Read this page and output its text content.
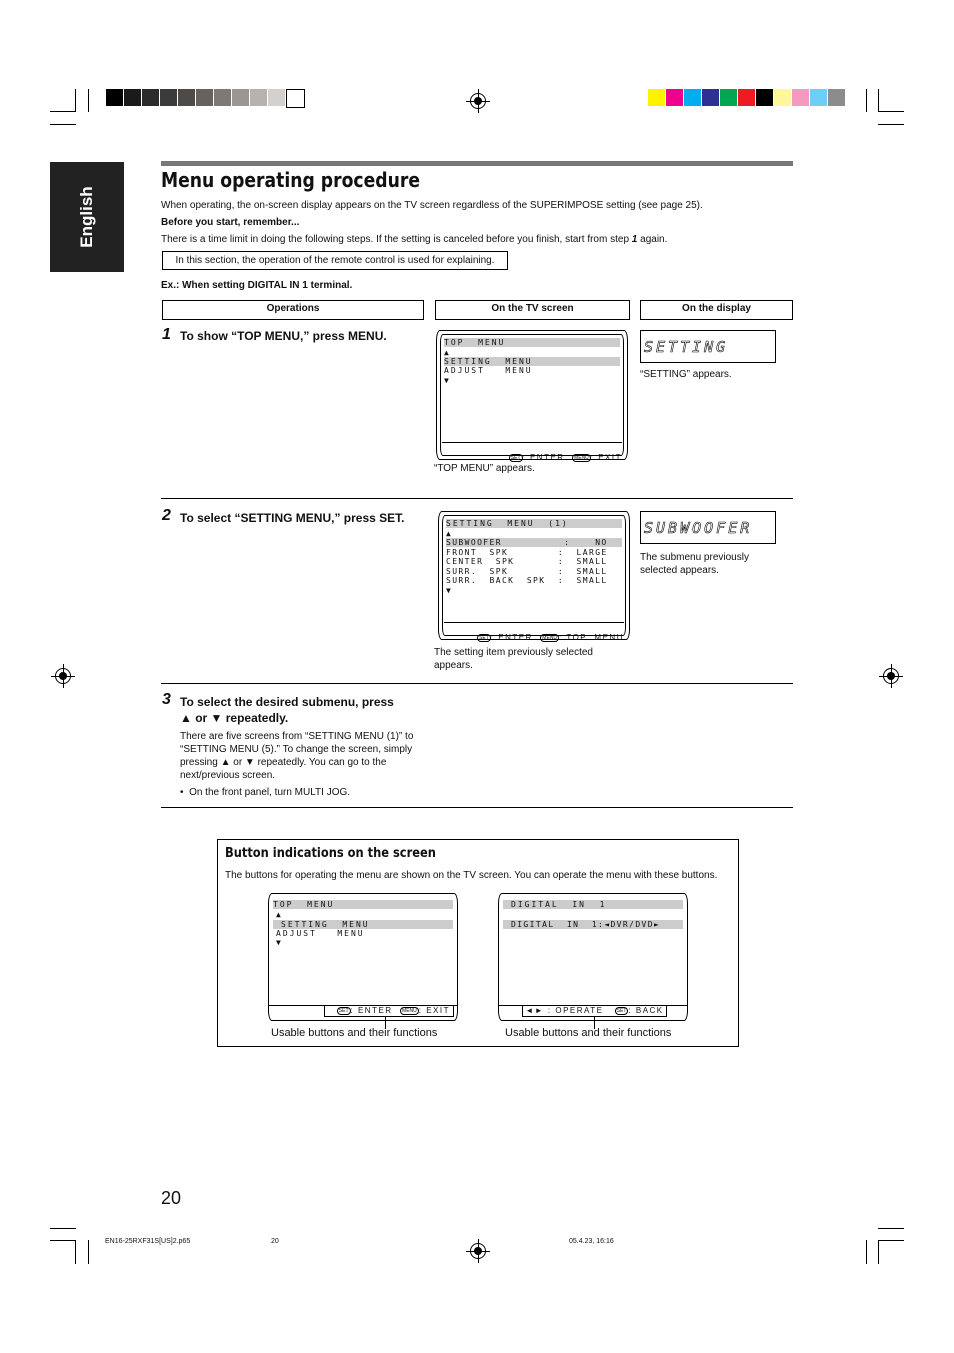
English
Menu operating procedure
When operating, the on-screen display appears on the TV screen regardless of the SUPERIMPOSE setting (see page 25).
Before you start, remember...
There is a time limit in doing the following steps. If the setting is canceled before you finish, start from step 1 again.
In this section, the operation of the remote control is used for explaining.
Ex.: When setting DIGITAL IN 1 terminal.
Operations	On the TV screen	On the display
1 To show “TOP MENU,” press MENU.	TOP  MENU
▲
SETTING  MENU
ADJUST   MENU
▼

SET : ENTER MENU : EXIT

“TOP MENU” appears.
SETTING
“SETTING” appears.
2 To select “SETTING MENU,” press SET.	SETTING  MENU  (1)
▲
SUBWOOFER          :    NO
FRONT  SPK        :  LARGE
CENTER  SPK       :  SMALL
SURR.  SPK        :  SMALL
SURR.  BACK  SPK  :  SMALL
▼

SET : ENTER MENU : TOP  MENU

The setting item previously selected appears.
SUBWOOFER
The submenu previously selected appears.
3 To select the desired submenu, press
▲ or ▼ repeatedly.
There are five screens from “SETTING MENU (1)” to “SETTING MENU (5).” To change the screen, simply pressing ▲ or ▼ repeatedly. You can go to the next/previous screen.
•  On the front panel, turn MULTI JOG.
Button indications on the screen
The buttons for operating the menu are shown on the TV screen. You can operate the menu with these buttons.
TOP  MENU
▲
SETTING  MENU
ADJUST   MENU
▼
SET : ENTER MENU : EXIT
Usable buttons and their functions
DIGITAL  IN  1
DIGITAL  IN  1:◄DVR/DVD►
◄► : OPERATE	SET : BACK
Usable buttons and their functions
20
EN16-25RXF31S[US]2.p65	20	05.4.23, 16:16
